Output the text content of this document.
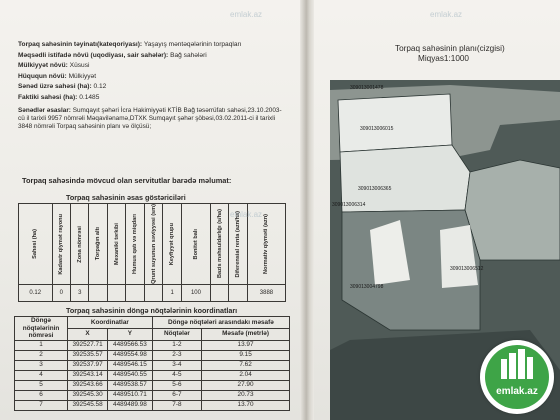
Torpaq sahəsinin təyinatı(kateqoriyası): Yaşayış məntəqələrinin torpaqları
Məqsədli istifadə növü (uqodiyası, sair sahələr): Bağ sahələri
Mülkiyyət növü: Xüsusi
Hüququn növü: Mülkiyyət
Sənəd üzrə sahəsi (ha): 0.12
Faktiki sahəsi (ha): 0.1485
Sənədlər əsaslar: Sumqayıt şəhəri İcra Hakimiyyəti KTİB Bağ təsərrüfatı sahəsi,23.10.2003-cü il tarixli 9957 nömrəli Məqavilənamə,DTXK Sumqayıt şəhər şöbəsi,03.02.2011-ci il tarixli 3848 nömrəli Torpaq sahəsinin planı və ölçüsü;
Torpaq sahəsində mövcud olan servitutlar barədə məlumat:
Torpaq sahəsinin əsas göstəriciləri
Sahəsi (ha)	Kadastr qiymət rayonu	Zona nömrəsi	Torpağın altı	Mexaniki tərkibi	Humus qatı və miqdarı	Qrunt suyunun səviyyəsi (sm)	Keyfiyyət qrupu	Bonitet balı	Bazis məhsuldarlığı (s/ha)	Diferensial renta (azn/ha)	Normativ qiyməti (azn)

0.12	0	3					1	100			3888
Torpaq sahəsinin döngə nöqtələrinin koordinatları
Döngə nöqtələrinin nömrəsi	Koordinatlar		Döngə nöqtələri arasındakı məsafə	
	X	Y	Nöqtələr	Məsafə (metrlə)
1	392527.71	4489566.53	1-2	13.97
2	392535.57	4489554.98	2-3	9.15
3	392537.97	4489546.15	3-4	7.62
4	392543.14	4489540.55	4-5	2.04
5	392543.66	4489538.57	5-6	27.90
6	392545.30	4489510.71	6-7	20.73
7	392545.58	4489489.98	7-8	13.70
Torpaq sahəsinin planı(cizgisi)
Miqyas1:1000
309013001478
309013006015
309013006365
309013006314
309013006512
309013004798
emlak.az	emlak.az
emlak.az
emlak.az
